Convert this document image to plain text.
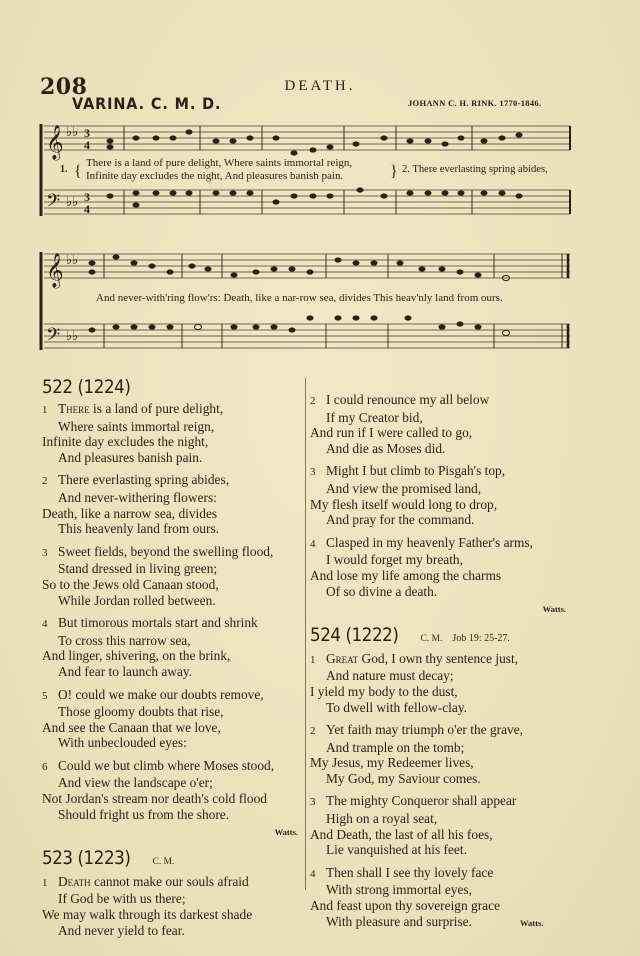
208	DEATH.
VARINA. C. M. D.	JOHANN C. H. RINK. 1770-1846.
𝄞
𝄢
♭♭
♭♭
3
4
3
4
1. { There is a land of pure delight, Where saints immortal reign,
Infinite day excludes the night, And pleasures banish pain.	} 2. There everlasting spring abides,
𝄞
𝄢
♭♭
♭♭
And never-with'ring flow'rs: Death, like a nar-row sea, divides This heav'nly land from ours.
522 (1224)
1 There is a land of pure delight,
Where saints immortal reign,
Infinite day excludes the night,
And pleasures banish pain.
2 There everlasting spring abides,
And never-withering flowers:
Death, like a narrow sea, divides
This heavenly land from ours.
3 Sweet fields, beyond the swelling flood,
Stand dressed in living green;
So to the Jews old Canaan stood,
While Jordan rolled between.
4 But timorous mortals start and shrink
To cross this narrow sea,
And linger, shivering, on the brink,
And fear to launch away.
5 O! could we make our doubts remove,
Those gloomy doubts that rise,
And see the Canaan that we love,
With unbeclouded eyes:
6 Could we but climb where Moses stood,
And view the landscape o'er;
Not Jordan's stream nor death's cold flood
Should fright us from the shore.
Watts.
523 (1223) C. M.
1 Death cannot make our souls afraid
If God be with us there;
We may walk through its darkest shade
And never yield to fear.
2 I could renounce my all below
If my Creator bid,
And run if I were called to go,
And die as Moses did.
3 Might I but climb to Pisgah's top,
And view the promised land,
My flesh itself would long to drop,
And pray for the command.
4 Clasped in my heavenly Father's arms,
I would forget my breath,
And lose my life among the charms
Of so divine a death.
Watts.
524 (1222) C. M. Job 19: 25-27.
1 Great God, I own thy sentence just,
And nature must decay;
I yield my body to the dust,
To dwell with fellow-clay.
2 Yet faith may triumph o'er the grave,
And trample on the tomb;
My Jesus, my Redeemer lives,
My God, my Saviour comes.
3 The mighty Conqueror shall appear
High on a royal seat,
And Death, the last of all his foes,
Lie vanquished at his feet.
4 Then shall I see thy lovely face
With strong immortal eyes,
And feast upon thy sovereign grace
With pleasure and surprise.	Watts.
